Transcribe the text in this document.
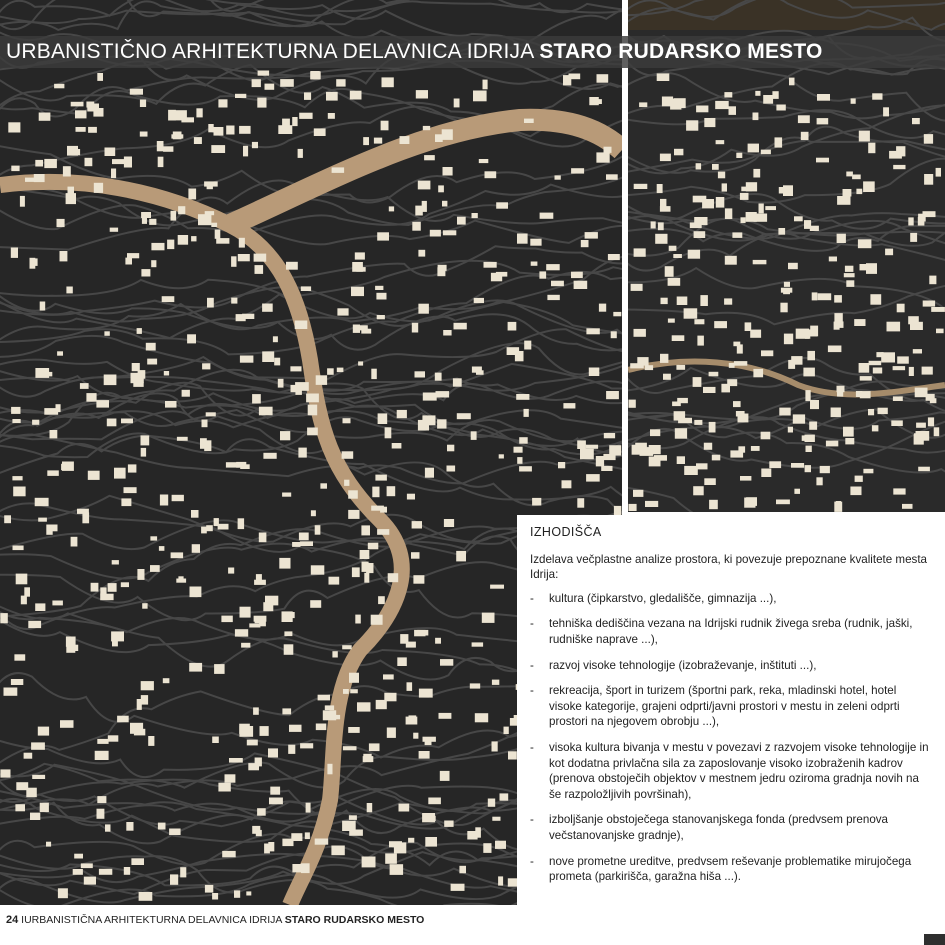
URBANISTIČNO ARHITEKTURNA DELAVNICA IDRIJA STARO RUDARSKO MESTO
IZHODIŠČA
Izdelava večplastne analize prostora, ki povezuje prepoznane kvalitete mesta Idrija:
- kultura (čipkarstvo, gledališče, gimnazija ...),
- tehniška dediščina vezana na Idrijski rudnik živega sreba (rudnik, jaški, rudniške naprave ...),
- razvoj visoke tehnologije (izobraževanje, inštituti ...),
- rekreacija, šport in turizem (športni park, reka, mladinski hotel, hotel visoke kategorije, grajeni odprti/javni prostori v mestu in zeleni odprti prostori na njegovem obrobju ...),
- visoka kultura bivanja v mestu v povezavi z razvojem visoke tehnologije in kot dodatna privlačna sila za zaposlovanje visoko izobraženih kadrov (prenova obstoječih objektov v mestnem jedru oziroma gradnja novih na še razpoložljivih površinah),
- izboljšanje obstoječega stanovanjskega fonda (predvsem prenova večstanovanjske gradnje),
- nove prometne ureditve, predvsem reševanje problematike mirujočega prometa (parkirišča, garažna hiša ...).
24 IURBANISTIČNA ARHITEKTURNA DELAVNICA IDRIJA STARO RUDARSKO MESTO
